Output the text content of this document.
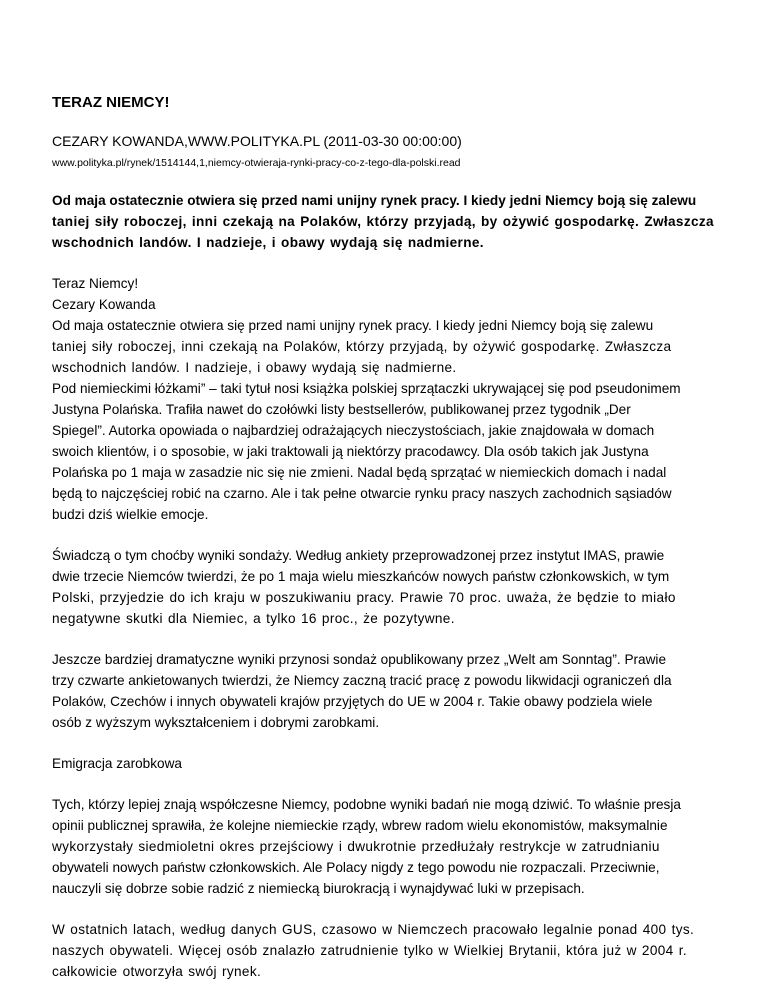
TERAZ NIEMCY!
CEZARY KOWANDA,WWW.POLITYKA.PL (2011-03-30 00:00:00)
www.polityka.pl/rynek/1514144,1,niemcy-otwieraja-rynki-pracy-co-z-tego-dla-polski.read
Od maja ostatecznie otwiera się przed nami unijny rynek pracy. I kiedy jedni Niemcy boją się zalewu
taniej siły roboczej, inni czekają na Polaków, którzy przyjadą, by ożywić gospodarkę. Zwłaszcza
wschodnich landów. I nadzieje, i obawy wydają się nadmierne.
Teraz Niemcy!
Cezary Kowanda
Od maja ostatecznie otwiera się przed nami unijny rynek pracy. I kiedy jedni Niemcy boją się zalewu
taniej siły roboczej, inni czekają na Polaków, którzy przyjadą, by ożywić gospodarkę. Zwłaszcza
wschodnich landów. I nadzieje, i obawy wydają się nadmierne.
Pod niemieckimi łóżkami” – taki tytuł nosi książka polskiej sprzątaczki ukrywającej się pod pseudonimem
Justyna Polańska. Trafiła nawet do czołówki listy bestsellerów, publikowanej przez tygodnik „Der
Spiegel”. Autorka opowiada o najbardziej odrażających nieczystościach, jakie znajdowała w domach
swoich klientów, i o sposobie, w jaki traktowali ją niektórzy pracodawcy. Dla osób takich jak Justyna
Polańska po 1 maja w zasadzie nic się nie zmieni. Nadal będą sprzątać w niemieckich domach i nadal
będą to najczęściej robić na czarno. Ale i tak pełne otwarcie rynku pracy naszych zachodnich sąsiadów
budzi dziś wielkie emocje.
Świadczą o tym choćby wyniki sondaży. Według ankiety przeprowadzonej przez instytut IMAS, prawie
dwie trzecie Niemców twierdzi, że po 1 maja wielu mieszkańców nowych państw członkowskich, w tym
Polski, przyjedzie do ich kraju w poszukiwaniu pracy. Prawie 70 proc. uważa, że będzie to miało
negatywne skutki dla Niemiec, a tylko 16 proc., że pozytywne.
Jeszcze bardziej dramatyczne wyniki przynosi sondaż opublikowany przez „Welt am Sonntag”. Prawie
trzy czwarte ankietowanych twierdzi, że Niemcy zaczną tracić pracę z powodu likwidacji ograniczeń dla
Polaków, Czechów i innych obywateli krajów przyjętych do UE w 2004 r. Takie obawy podziela wiele
osób z wyższym wykształceniem i dobrymi zarobkami.
Emigracja zarobkowa
Tych, którzy lepiej znają współczesne Niemcy, podobne wyniki badań nie mogą dziwić. To właśnie presja
opinii publicznej sprawiła, że kolejne niemieckie rządy, wbrew radom wielu ekonomistów, maksymalnie
wykorzystały siedmioletni okres przejściowy i dwukrotnie przedłużały restrykcje w zatrudnianiu
obywateli nowych państw członkowskich. Ale Polacy nigdy z tego powodu nie rozpaczali. Przeciwnie,
nauczyli się dobrze sobie radzić z niemiecką biurokracją i wynajdywać luki w przepisach.
W ostatnich latach, według danych GUS, czasowo w Niemczech pracowało legalnie ponad 400 tys.
naszych obywateli. Więcej osób znalazło zatrudnienie tylko w Wielkiej Brytanii, która już w 2004 r.
całkowicie otworzyła swój rynek.
